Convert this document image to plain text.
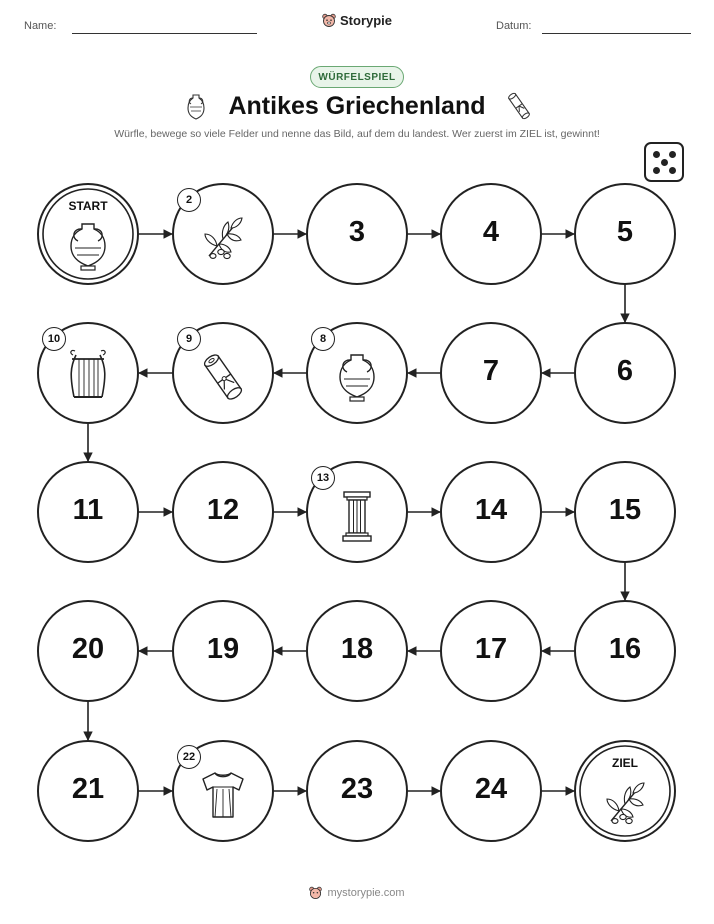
Name:	Storypie	Datum:
WÜRFELSPIEL
Antikes Griechenland
Würfle, bewege so viele Felder und nenne das Bild, auf dem du landest. Wer zuerst im ZIEL ist, gewinnt!
START	2
3	4	5
6
7
8
9
10
11	12
13
14	15
16
17
18
19
20
21
22
23	24
ZIEL
mystorypie.com
